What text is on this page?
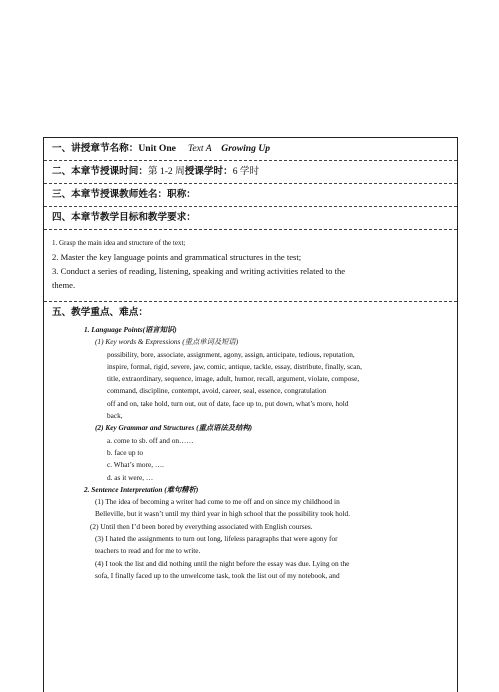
一、讲授章节名称：Unit One Text A Growing Up
二、本章节授课时间：第 1-2 周授课学时：6 学时
三、本章节授课教师姓名：职称：
四、本章节教学目标和教学要求：
1. Grasp the main idea and structure of the text;
2. Master the key language points and grammatical structures in the test;
3. Conduct a series of reading, listening, speaking and writing activities related to the
theme.
五、教学重点、难点：
1. Language Points(语言知识)
(1) Key words & Expressions (重点单词及短语)
possibility, bore, associate, assignment, agony, assign, anticipate, tedious, reputation,
inspire, formal, rigid, severe, jaw, comic, antique, tackle, essay, distribute, finally, scan,
title, extraordinary, sequence, image, adult, humor, recall, argument, violate, compose,
command, discipline, contempt, avoid, career, seal, essence, congratulation
off and on, take hold, turn out, out of date, face up to, put down, what’s more, hold
back,
(2) Key Grammar and Structures (重点语法及结构)
a. come to sb. off and on……
b. face up to
c. What’s more, ….
d. as it were, …
2. Sentence Interpretation (难句精析)
(1) The idea of becoming a writer had come to me off and on since my childhood in
Belleville, but it wasn’t until my third year in high school that the possibility took hold.
(2) Until then I’d been bored by everything associated with English courses.
(3) I hated the assignments to turn out long, lifeless paragraphs that were agony for
teachers to read and for me to write.
(4) I took the list and did nothing until the night before the essay was due. Lying on the
sofa, I finally faced up to the unwelcome task, took the list out of my notebook, and
